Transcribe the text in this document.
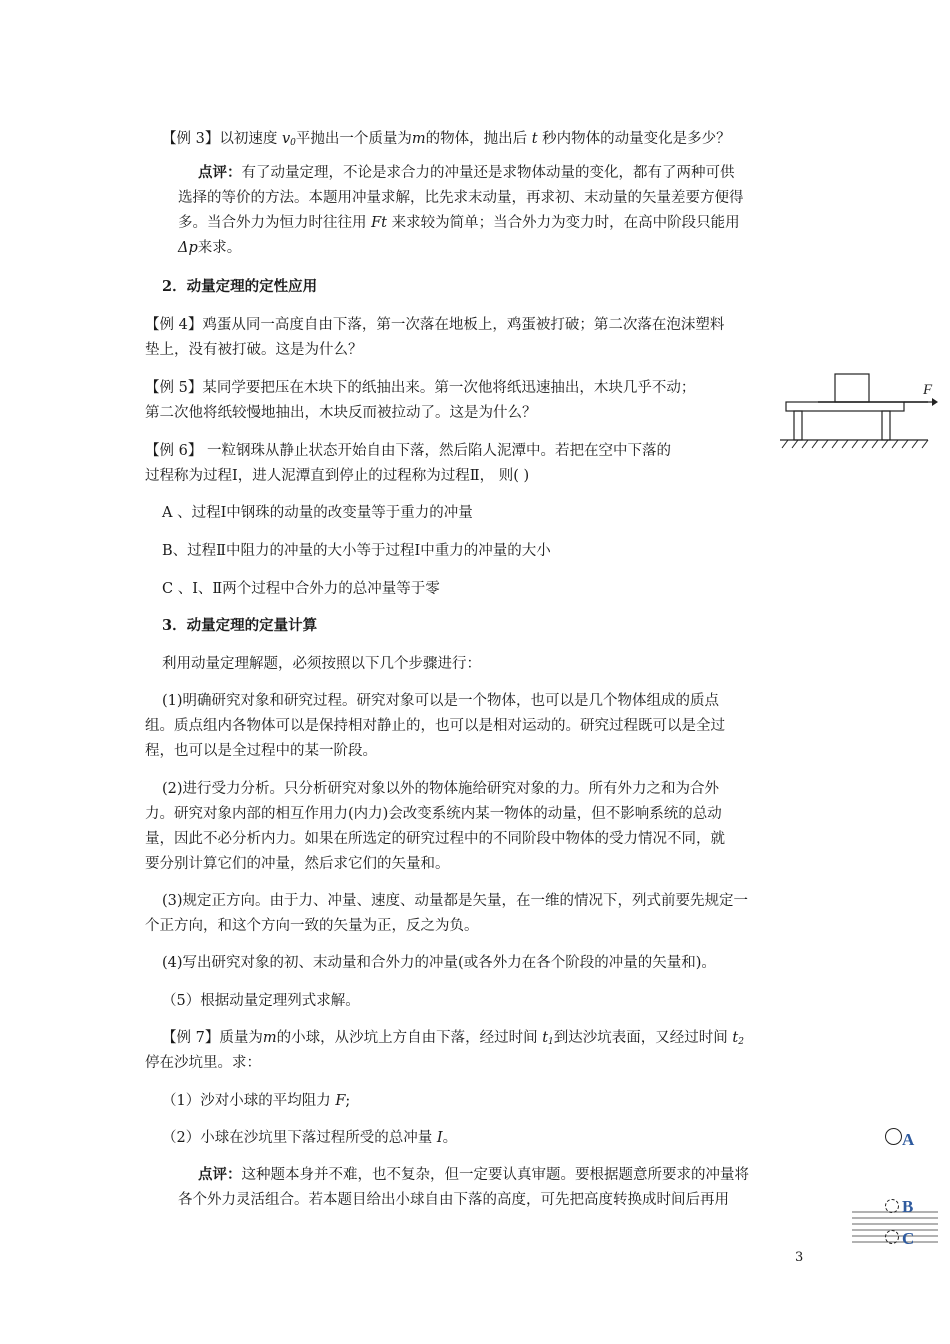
【例 3】以初速度 $v_0$平抛出一个质量为m的物体，抛出后 t 秒内物体的动量变化是多少？
点评：有了动量定理，不论是求合力的冲量还是求物体动量的变化，都有了两种可供
选择的等价的方法。本题用冲量求解，比先求末动量，再求初、末动量的矢量差要方便得
多。当合外力为恒力时往往用 Ft 来求较为简单；当合外力为变力时，在高中阶段只能用
Δp来求。
2．动量定理的定性应用
【例 4】鸡蛋从同一高度自由下落，第一次落在地板上，鸡蛋被打破；第二次落在泡沫塑料
垫上，没有被打破。这是为什么？
【例 5】某同学要把压在木块下的纸抽出来。第一次他将纸迅速抽出，木块几乎不动；
第二次他将纸较慢地抽出，木块反而被拉动了。这是为什么？
F
【例 6】 一粒钢珠从静止状态开始自由下落，然后陷人泥潭中。若把在空中下落的
过程称为过程Ⅰ，进人泥潭直到停止的过程称为过程Ⅱ， 则( )
A 、过程Ⅰ中钢珠的动量的改变量等于重力的冲量
B、过程Ⅱ中阻力的冲量的大小等于过程Ⅰ中重力的冲量的大小
C 、Ⅰ、Ⅱ两个过程中合外力的总冲量等于零
3．动量定理的定量计算
利用动量定理解题，必须按照以下几个步骤进行：
(1)明确研究对象和研究过程。研究对象可以是一个物体，也可以是几个物体组成的质点
组。质点组内各物体可以是保持相对静止的，也可以是相对运动的。研究过程既可以是全过
程，也可以是全过程中的某一阶段。
(2)进行受力分析。只分析研究对象以外的物体施给研究对象的力。所有外力之和为合外
力。研究对象内部的相互作用力(内力)会改变系统内某一物体的动量，但不影响系统的总动
量，因此不必分析内力。如果在所选定的研究过程中的不同阶段中物体的受力情况不同，就
要分别计算它们的冲量，然后求它们的矢量和。
(3)规定正方向。由于力、冲量、速度、动量都是矢量，在一维的情况下，列式前要先规定一
个正方向，和这个方向一致的矢量为正，反之为负。
(4)写出研究对象的初、末动量和合外力的冲量(或各外力在各个阶段的冲量的矢量和)。
（5）根据动量定理列式求解。
【例 7】质量为m的小球，从沙坑上方自由下落，经过时间 $t_1$到达沙坑表面，又经过时间 $t_2$
停在沙坑里。求：
（1）沙对小球的平均阻力 F;
（2）小球在沙坑里下落过程所受的总冲量 I。
点评：这种题本身并不难，也不复杂，但一定要认真审题。要根据题意所要求的冲量将
各个外力灵活组合。若本题目给出小球自由下落的高度，可先把高度转换成时间后再用
A
B
C
3
